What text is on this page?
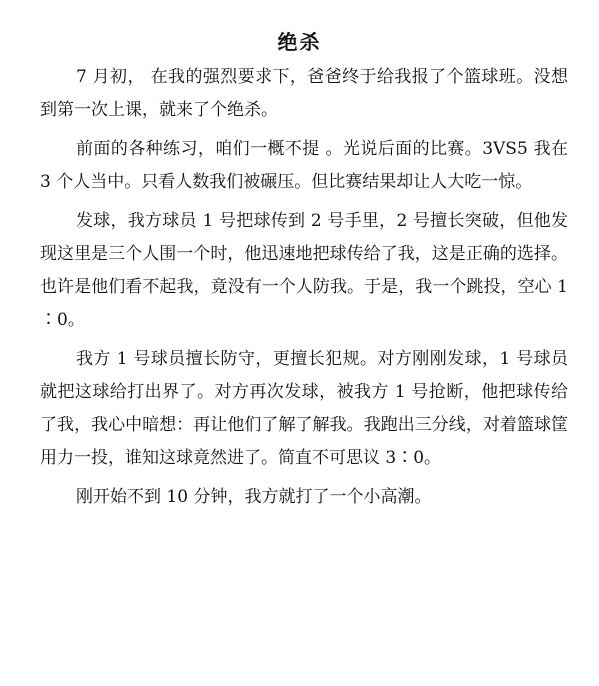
绝杀

7 月初， 在我的强烈要求下，爸爸终于给我报了个篮球班。没想到第一次上课，就来了个绝杀。

前面的各种练习，咱们一概不提 。光说后面的比赛。3VS5 我在 3 个人当中。只看人数我们被碾压。但比赛结果却让人大吃一惊。

发球，我方球员 1 号把球传到 2 号手里，2 号擅长突破，但他发现这里是三个人围一个时，他迅速地把球传给了我，这是正确的选择。也许是他们看不起我，竟没有一个人防我。于是，我一个跳投，空心 1∶0。

我方 1 号球员擅长防守，更擅长犯规。对方刚刚发球，1 号球员就把这球给打出界了。对方再次发球，被我方 1 号抢断，他把球传给了我，我心中暗想：再让他们了解了解我。我跑出三分线，对着篮球筐用力一投，谁知这球竟然进了。简直不可思议 3∶0。

刚开始不到 10 分钟，我方就打了一个小高潮。
